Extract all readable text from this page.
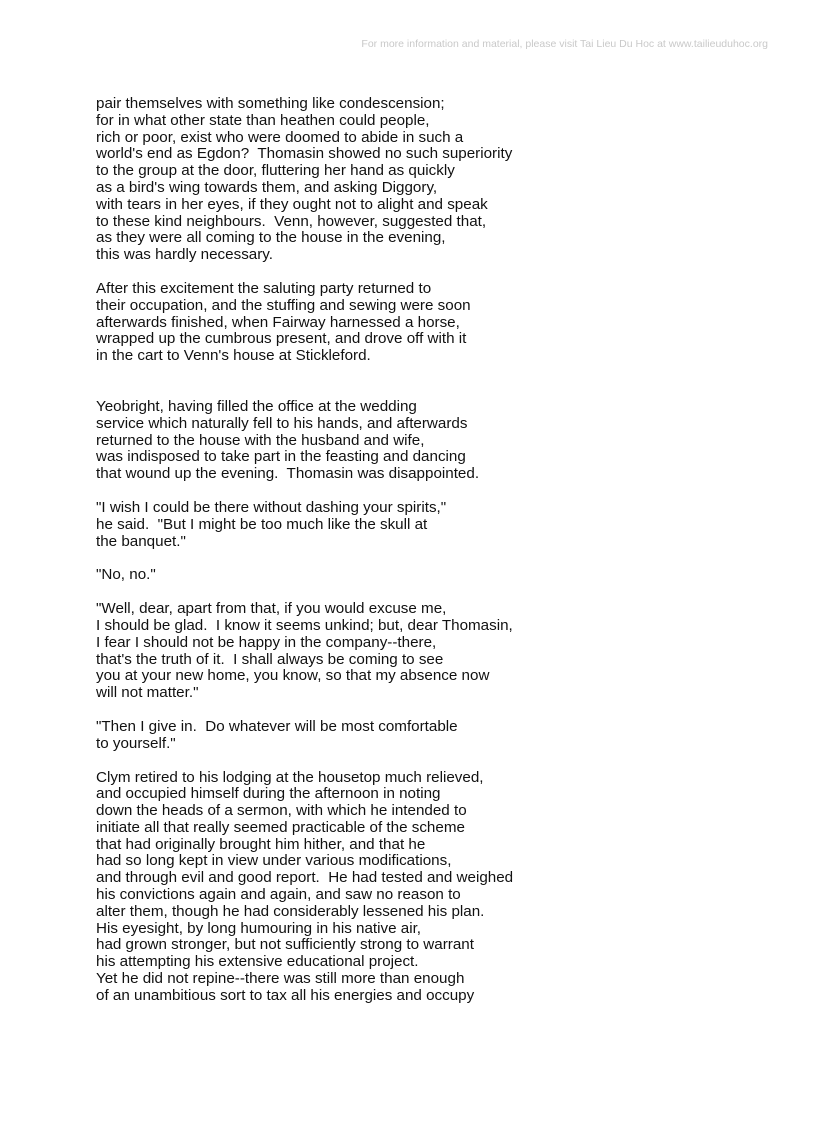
For more information and material, please visit Tai Lieu Du Hoc at www.tailieuduhoc.org

pair themselves with something like condescension;
for in what other state than heathen could people,
rich or poor, exist who were doomed to abide in such a
world's end as Egdon?  Thomasin showed no such superiority
to the group at the door, fluttering her hand as quickly
as a bird's wing towards them, and asking Diggory,
with tears in her eyes, if they ought not to alight and speak
to these kind neighbours.  Venn, however, suggested that,
as they were all coming to the house in the evening,
this was hardly necessary.

After this excitement the saluting party returned to
their occupation, and the stuffing and sewing were soon
afterwards finished, when Fairway harnessed a horse,
wrapped up the cumbrous present, and drove off with it
in the cart to Venn's house at Stickleford.

Yeobright, having filled the office at the wedding
service which naturally fell to his hands, and afterwards
returned to the house with the husband and wife,
was indisposed to take part in the feasting and dancing
that wound up the evening.  Thomasin was disappointed.

"I wish I could be there without dashing your spirits,"
he said.  "But I might be too much like the skull at
the banquet."

"No, no."

"Well, dear, apart from that, if you would excuse me,
I should be glad.  I know it seems unkind; but, dear Thomasin,
I fear I should not be happy in the company--there,
that's the truth of it.  I shall always be coming to see
you at your new home, you know, so that my absence now
will not matter."

"Then I give in.  Do whatever will be most comfortable
to yourself."

Clym retired to his lodging at the housetop much relieved,
and occupied himself during the afternoon in noting
down the heads of a sermon, with which he intended to
initiate all that really seemed practicable of the scheme
that had originally brought him hither, and that he
had so long kept in view under various modifications,
and through evil and good report.  He had tested and weighed
his convictions again and again, and saw no reason to
alter them, though he had considerably lessened his plan.
His eyesight, by long humouring in his native air,
had grown stronger, but not sufficiently strong to warrant
his attempting his extensive educational project.
Yet he did not repine--there was still more than enough
of an unambitious sort to tax all his energies and occupy
